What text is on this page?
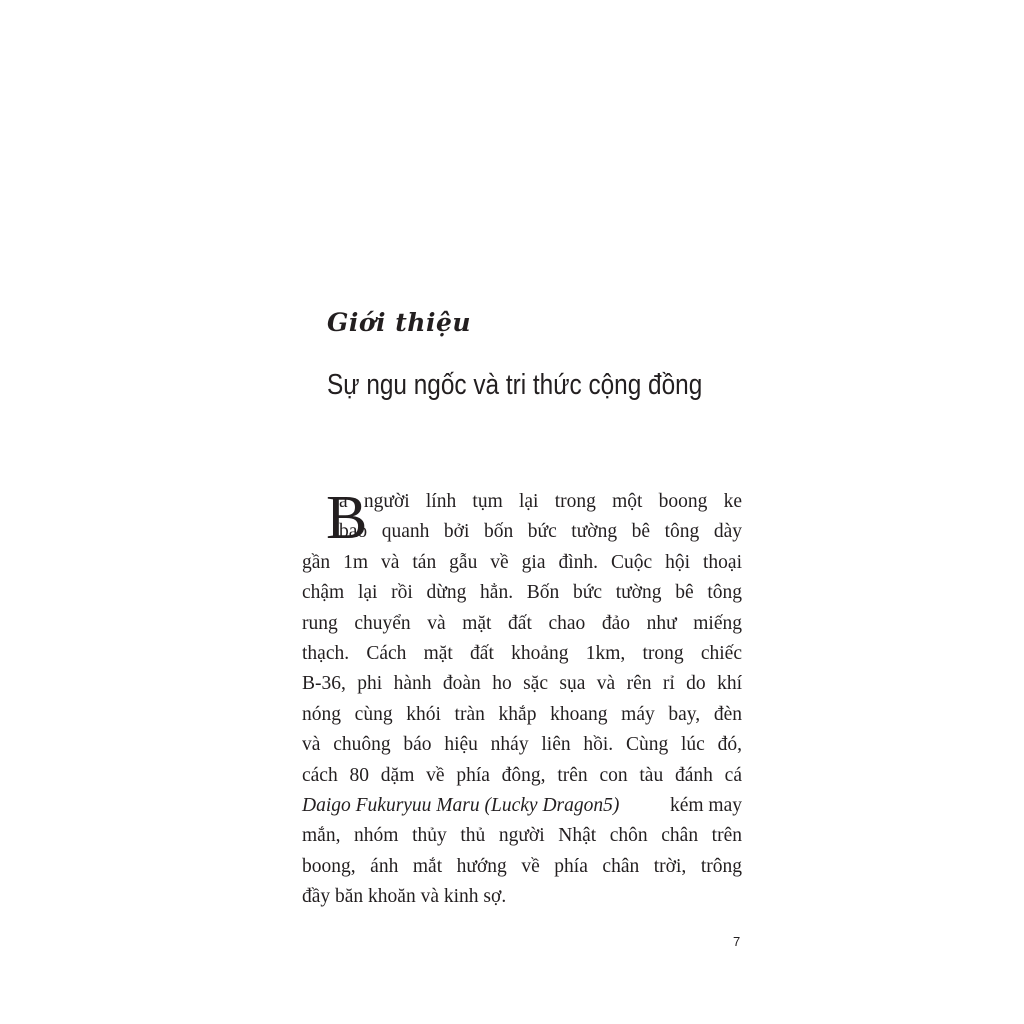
Giới thiệu
Sự ngu ngốc và tri thức cộng đồng
B
a người lính tụm lại trong một boong ke
bao quanh bởi bốn bức tường bê tông dày
gần 1m và tán gẫu về gia đình. Cuộc hội thoại
chậm lại rồi dừng hẳn. Bốn bức tường bê tông
rung chuyển và mặt đất chao đảo như miếng
thạch. Cách mặt đất khoảng 1km, trong chiếc
B-36, phi hành đoàn ho sặc sụa và rên rỉ do khí
nóng cùng khói tràn khắp khoang máy bay, đèn
và chuông báo hiệu nháy liên hồi. Cùng lúc đó,
cách 80 dặm về phía đông, trên con tàu đánh cá
Daigo Fukuryuu Maru (Lucky Dragon5) kém may
mắn, nhóm thủy thủ người Nhật chôn chân trên
boong, ánh mắt hướng về phía chân trời, trông
đầy băn khoăn và kinh sợ.
7
